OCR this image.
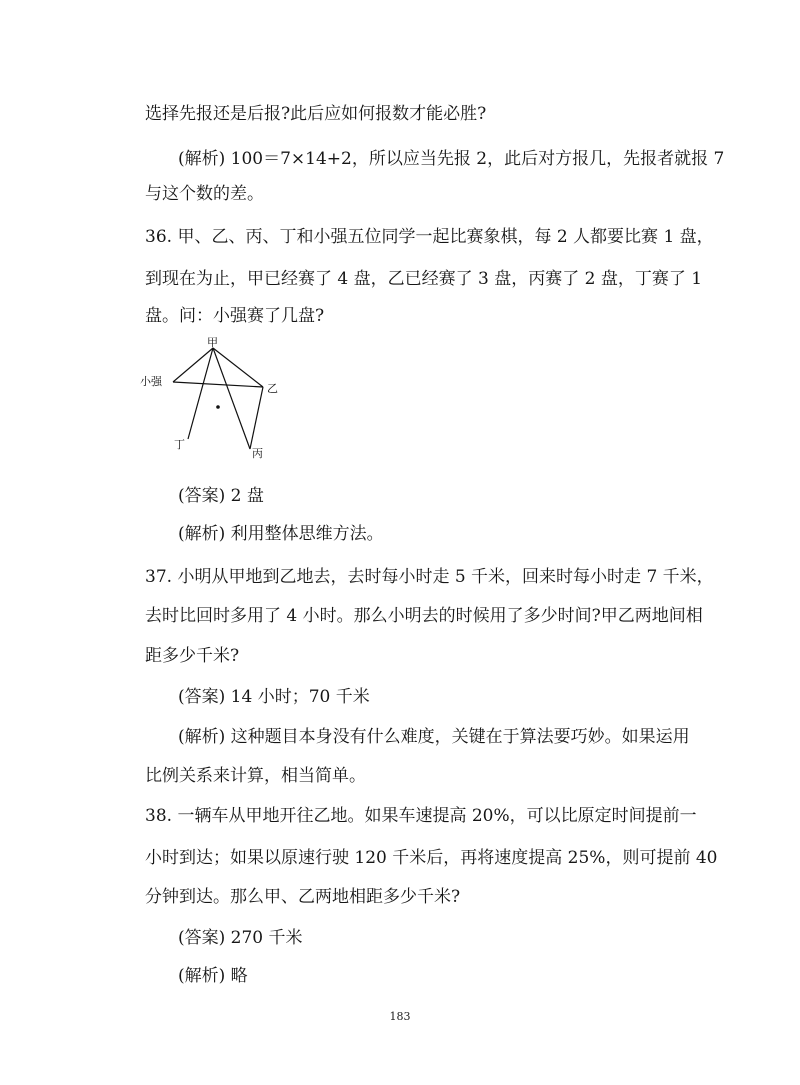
选择先报还是后报?此后应如何报数才能必胜?
(解析) 100＝7×14+2，所以应当先报 2，此后对方报几，先报者就报 7
与这个数的差。
36. 甲、乙、丙、丁和小强五位同学一起比赛象棋，每 2 人都要比赛 1 盘，
到现在为止，甲已经赛了 4 盘，乙已经赛了 3 盘，丙赛了 2 盘，丁赛了 1
盘。问：小强赛了几盘?
甲
乙
丙
丁
小强
(答案) 2 盘
(解析) 利用整体思维方法。
37. 小明从甲地到乙地去，去时每小时走 5 千米，回来时每小时走 7 千米，
去时比回时多用了 4 小时。那么小明去的时候用了多少时间?甲乙两地间相
距多少千米?
(答案) 14 小时；70 千米
(解析) 这种题目本身没有什么难度，关键在于算法要巧妙。如果运用
比例关系来计算，相当简单。
38. 一辆车从甲地开往乙地。如果车速提高 20%，可以比原定时间提前一
小时到达；如果以原速行驶 120 千米后，再将速度提高 25%，则可提前 40
分钟到达。那么甲、乙两地相距多少千米?
(答案) 270 千米
(解析) 略
183
